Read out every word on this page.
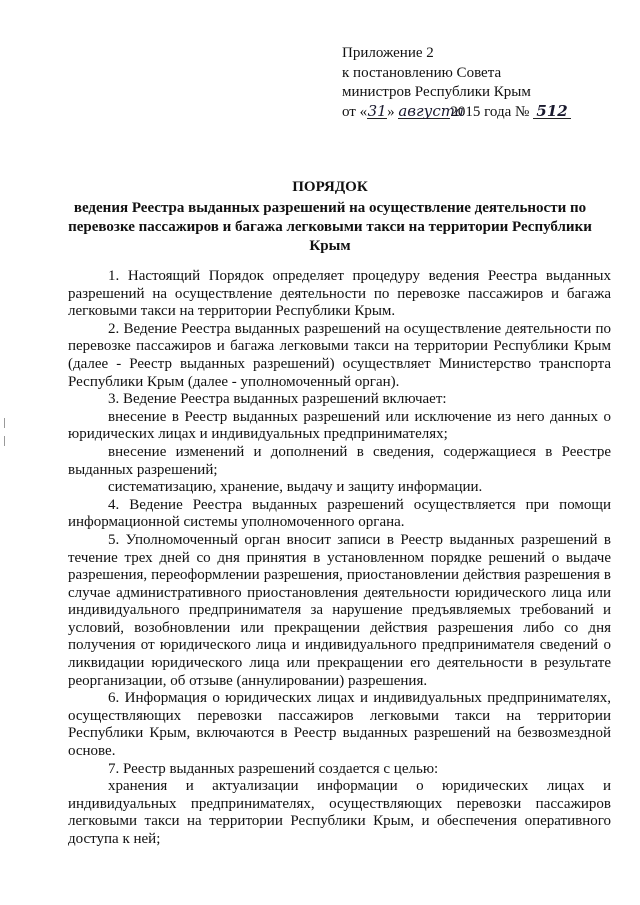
Приложение 2
к постановлению Совета
министров Республики Крым
от «31» августа2015 года № 512
ПОРЯДОК
ведения Реестра выданных разрешений на осуществление деятельности по перевозке пассажиров и багажа легковыми такси на территории Республики Крым

1. Настоящий Порядок определяет процедуру ведения Реестра выданных разрешений на осуществление деятельности по перевозке пассажиров и багажа легковыми такси на территории Республики Крым.

2. Ведение Реестра выданных разрешений на осуществление деятельности по перевозке пассажиров и багажа легковыми такси на территории Республики Крым (далее - Реестр выданных разрешений) осуществляет Министерство транспорта Республики Крым (далее - уполномоченный орган).

3. Ведение Реестра выданных разрешений включает:

внесение в Реестр выданных разрешений или исключение из него данных о юридических лицах и индивидуальных предпринимателях;

внесение изменений и дополнений в сведения, содержащиеся в Реестре выданных разрешений;

систематизацию, хранение, выдачу и защиту информации.

4. Ведение Реестра выданных разрешений осуществляется при помощи информационной системы уполномоченного органа.

5. Уполномоченный орган вносит записи в Реестр выданных разрешений в течение трех дней со дня принятия в установленном порядке решений о выдаче разрешения, переоформлении разрешения, приостановлении действия разрешения в случае административного приостановления деятельности юридического лица или индивидуального предпринимателя за нарушение предъявляемых требований и условий, возобновлении или прекращении действия разрешения либо со дня получения от юридического лица и индивидуального предпринимателя сведений о ликвидации юридического лица или прекращении его деятельности в результате реорганизации, об отзыве (аннулировании) разрешения.

6. Информация о юридических лицах и индивидуальных предпринимателях, осуществляющих перевозки пассажиров легковыми такси на территории Республики Крым, включаются в Реестр выданных разрешений на безвозмездной основе.

7. Реестр выданных разрешений создается с целью:

хранения и актуализации информации о юридических лицах и индивидуальных предпринимателях, осуществляющих перевозки пассажиров легковыми такси на территории Республики Крым, и обеспечения оперативного доступа к ней;
